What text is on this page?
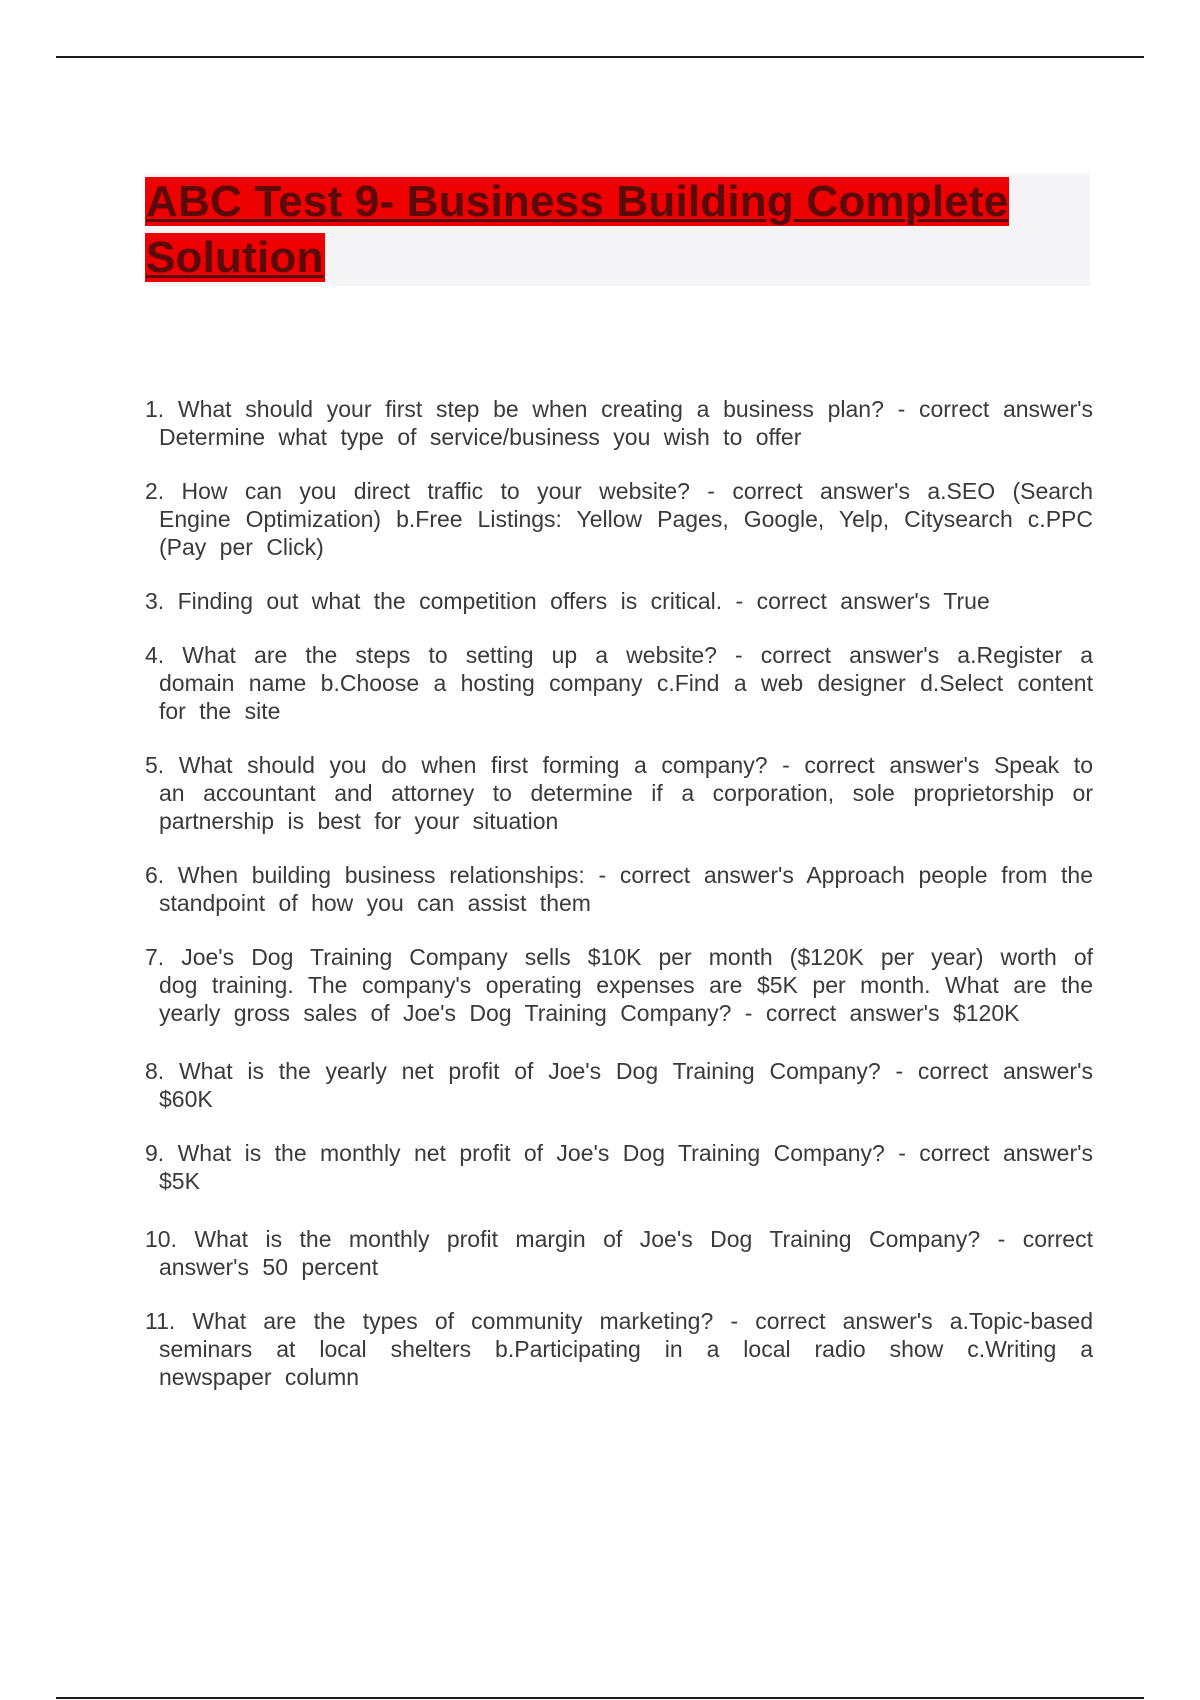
ABC Test 9- Business Building Complete Solution
1. What should your first step be when creating a business plan? - correct answer's Determine what type of service/business you wish to offer
2. How can you direct traffic to your website? - correct answer's a.SEO (Search Engine Optimization) b.Free Listings: Yellow Pages, Google, Yelp, Citysearch c.PPC (Pay per Click)
3. Finding out what the competition offers is critical. - correct answer's True
4. What are the steps to setting up a website? - correct answer's a.Register a domain name b.Choose a hosting company c.Find a web designer d.Select content for the site
5. What should you do when first forming a company? - correct answer's Speak to an accountant and attorney to determine if a corporation, sole proprietorship or partnership is best for your situation
6. When building business relationships: - correct answer's Approach people from the standpoint of how you can assist them
7. Joe's Dog Training Company sells $10K per month ($120K per year) worth of dog training. The company's operating expenses are $5K per month. What are the yearly gross sales of Joe's Dog Training Company? - correct answer's $120K
8. What is the yearly net profit of Joe's Dog Training Company? - correct answer's $60K
9. What is the monthly net profit of Joe's Dog Training Company? - correct answer's $5K
10. What is the monthly profit margin of Joe's Dog Training Company? - correct answer's 50 percent
11. What are the types of community marketing? - correct answer's a.Topic-based seminars at local shelters b.Participating in a local radio show c.Writing a newspaper column
